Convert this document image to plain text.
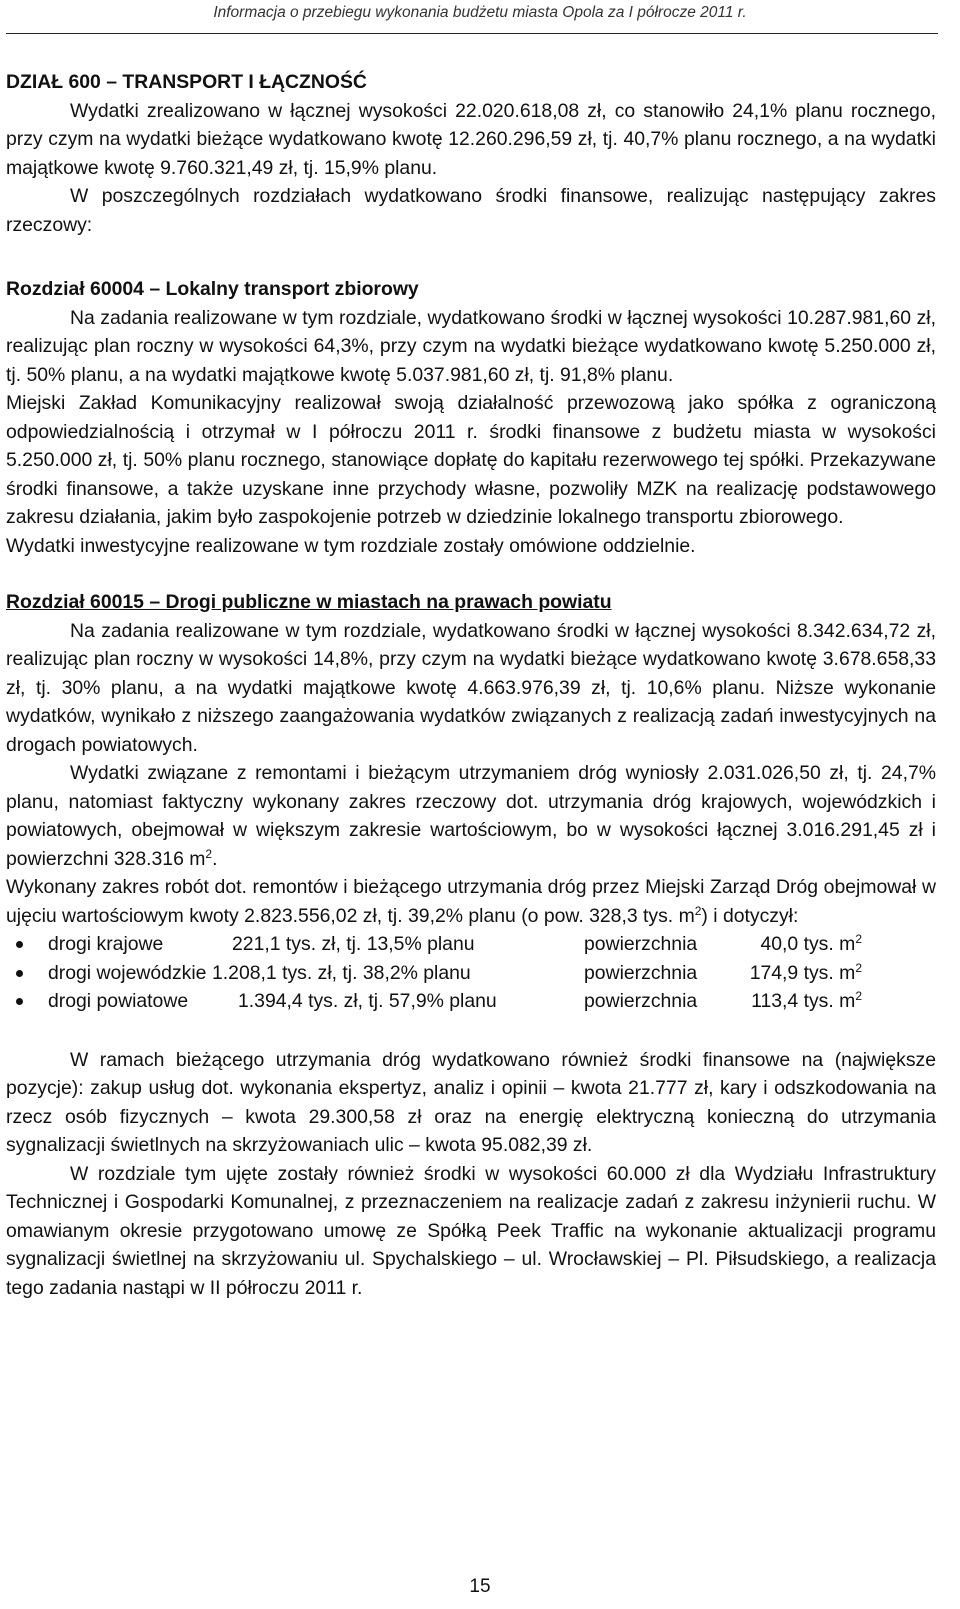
Informacja o przebiegu wykonania budżetu miasta Opola za I półrocze 2011 r.

DZIAŁ 600 – TRANSPORT I ŁĄCZNOŚĆ

Wydatki zrealizowano w łącznej wysokości 22.020.618,08 zł, co stanowiło 24,1% planu rocznego, przy czym na wydatki bieżące wydatkowano kwotę 12.260.296,59 zł, tj. 40,7% planu rocznego, a na wydatki majątkowe kwotę 9.760.321,49 zł, tj. 15,9% planu.

W poszczególnych rozdziałach wydatkowano środki finansowe, realizując następujący zakres rzeczowy:

Rozdział 60004 – Lokalny transport zbiorowy

Na zadania realizowane w tym rozdziale, wydatkowano środki w łącznej wysokości 10.287.981,60 zł, realizując plan roczny w wysokości 64,3%, przy czym na wydatki bieżące wydatkowano kwotę 5.250.000 zł, tj. 50% planu, a na wydatki majątkowe kwotę 5.037.981,60 zł, tj. 91,8% planu.

Miejski Zakład Komunikacyjny realizował swoją działalność przewozową jako spółka z ograniczoną odpowiedzialnością i otrzymał w I półroczu 2011 r. środki finansowe z budżetu miasta w wysokości 5.250.000 zł, tj. 50% planu rocznego, stanowiące dopłatę do kapitału rezerwowego tej spółki. Przekazywane środki finansowe, a także uzyskane inne przychody własne, pozwoliły MZK na realizację podstawowego zakresu działania, jakim było zaspokojenie potrzeb w dziedzinie lokalnego transportu zbiorowego.

Wydatki inwestycyjne realizowane w tym rozdziale zostały omówione oddzielnie.

Rozdział 60015 – Drogi publiczne w miastach na prawach powiatu

Na zadania realizowane w tym rozdziale, wydatkowano środki w łącznej wysokości 8.342.634,72 zł, realizując plan roczny w wysokości 14,8%, przy czym na wydatki bieżące wydatkowano kwotę 3.678.658,33 zł, tj. 30% planu, a na wydatki majątkowe kwotę 4.663.976,39 zł, tj. 10,6% planu. Niższe wykonanie wydatków, wynikało z niższego zaangażowania wydatków związanych z realizacją zadań inwestycyjnych na drogach powiatowych.

Wydatki związane z remontami i bieżącym utrzymaniem dróg wyniosły 2.031.026,50 zł, tj. 24,7% planu, natomiast faktyczny wykonany zakres rzeczowy dot. utrzymania dróg krajowych, wojewódzkich i powiatowych, obejmował w większym zakresie wartościowym, bo w wysokości łącznej 3.016.291,45 zł i powierzchni 328.316 $m^2$.

Wykonany zakres robót dot. remontów i bieżącego utrzymania dróg przez Miejski Zarząd Dróg obejmował w ujęciu wartościowym kwoty 2.823.556,02 zł, tj. 39,2% planu (o pow. 328,3 tys. $m^2$) i dotyczył:

drogi krajowe	221,1 tys. zł, tj. 13,5% planu	powierzchnia	40,0 tys. $m^2$
drogi wojewódzkie 1.208,1 tys. zł, tj. 38,2% planu	powierzchnia	174,9 tys. $m^2$
drogi powiatowe	1.394,4 tys. zł, tj. 57,9% planu	powierzchnia	113,4 tys. $m^2$

W ramach bieżącego utrzymania dróg wydatkowano również środki finansowe na (największe pozycje): zakup usług dot. wykonania ekspertyz, analiz i opinii – kwota 21.777 zł, kary i odszkodowania na rzecz osób fizycznych – kwota 29.300,58 zł oraz na energię elektryczną konieczną do utrzymania sygnalizacji świetlnych na skrzyżowaniach ulic – kwota 95.082,39 zł.

W rozdziale tym ujęte zostały również środki w wysokości 60.000 zł dla Wydziału Infrastruktury Technicznej i Gospodarki Komunalnej, z przeznaczeniem na realizacje zadań z zakresu inżynierii ruchu. W omawianym okresie przygotowano umowę ze Spółką Peek Traffic na wykonanie aktualizacji programu sygnalizacji świetlnej na skrzyżowaniu ul. Spychalskiego – ul. Wrocławskiej – Pl. Piłsudskiego, a realizacja tego zadania nastąpi w II półroczu 2011 r.

15
